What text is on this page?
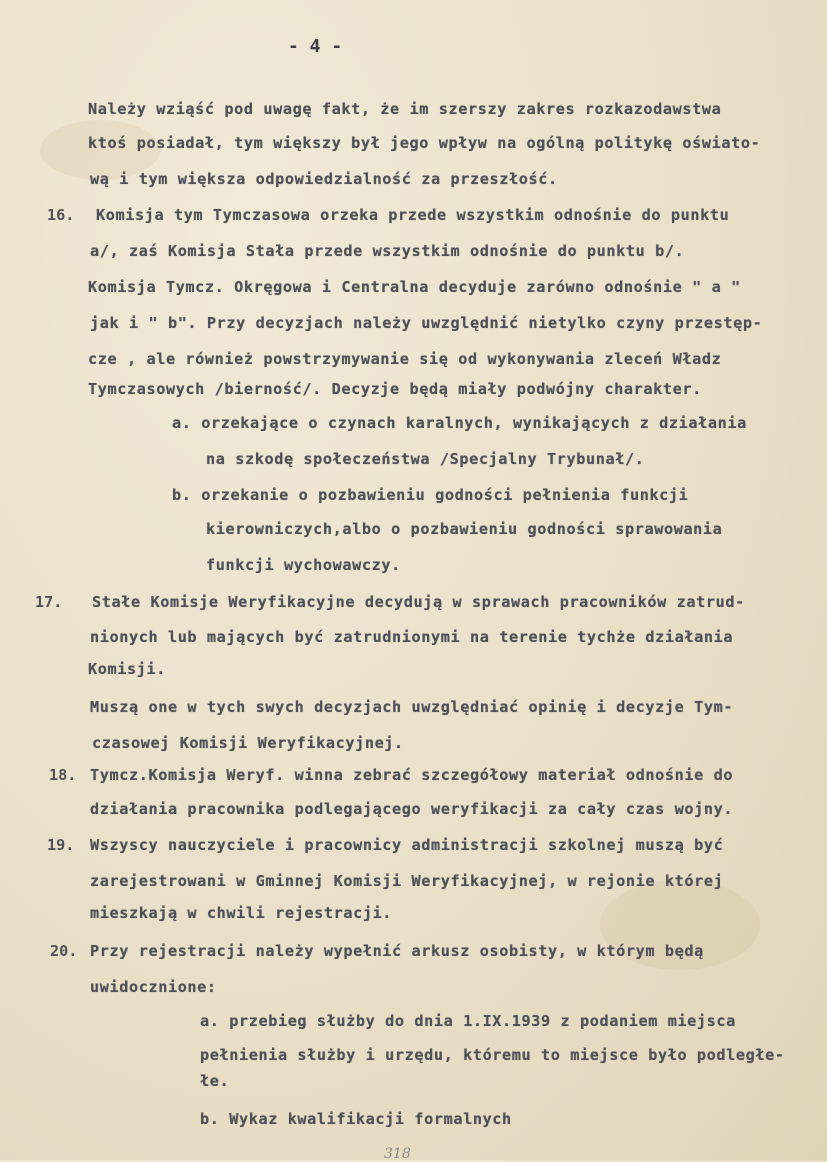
- 4 -
Należy wziąść pod uwagę fakt, że im szerszy zakres rozkazodawstwa
ktoś posiadał, tym większy był jego wpływ na ogólną politykę oświato-
wą i tym większa odpowiedzialność za przeszłość.
16. Komisja tym Tymczasowa orzeka przede wszystkim odnośnie do punktu
a/, zaś Komisja Stała przede wszystkim odnośnie do punktu b/.
Komisja Tymcz. Okręgowa i Centralna decyduje zarówno odnośnie " a "
jak i " b". Przy decyzjach należy uwzględnić nietylko czyny przestęp-
cze , ale również powstrzymywanie się od wykonywania zleceń Władz
Tymczasowych /bierność/. Decyzje będą miały podwójny charakter.
a. orzekające o czynach karalnych, wynikających z działania
na szkodę społeczeństwa /Specjalny Trybunał/.
b. orzekanie o pozbawieniu godności pełnienia funkcji
kierowniczych,albo o pozbawieniu godności sprawowania
funkcji wychowawczy.
17. Stałe Komisje Weryfikacyjne decydują w sprawach pracowników zatrud-
nionych lub mających być zatrudnionymi na terenie tychże działania
Komisji.
Muszą one w tych swych decyzjach uwzględniać opinię i decyzje Tym-
czasowej Komisji Weryfikacyjnej.
18. Tymcz.Komisja Weryf. winna zebrać szczegółowy materiał odnośnie do
działania pracownika podlegającego weryfikacji za cały czas wojny.
19. Wszyscy nauczyciele i pracownicy administracji szkolnej muszą być
zarejestrowani w Gminnej Komisji Weryfikacyjnej, w rejonie której
mieszkają w chwili rejestracji.
20. Przy rejestracji należy wypełnić arkusz osobisty, w którym będą
uwidocznione:
a. przebieg służby do dnia 1.IX.1939 z podaniem miejsca
pełnienia służby i urzędu, któremu to miejsce było podległe-
łe.
b. Wykaz kwalifikacji formalnych
318
